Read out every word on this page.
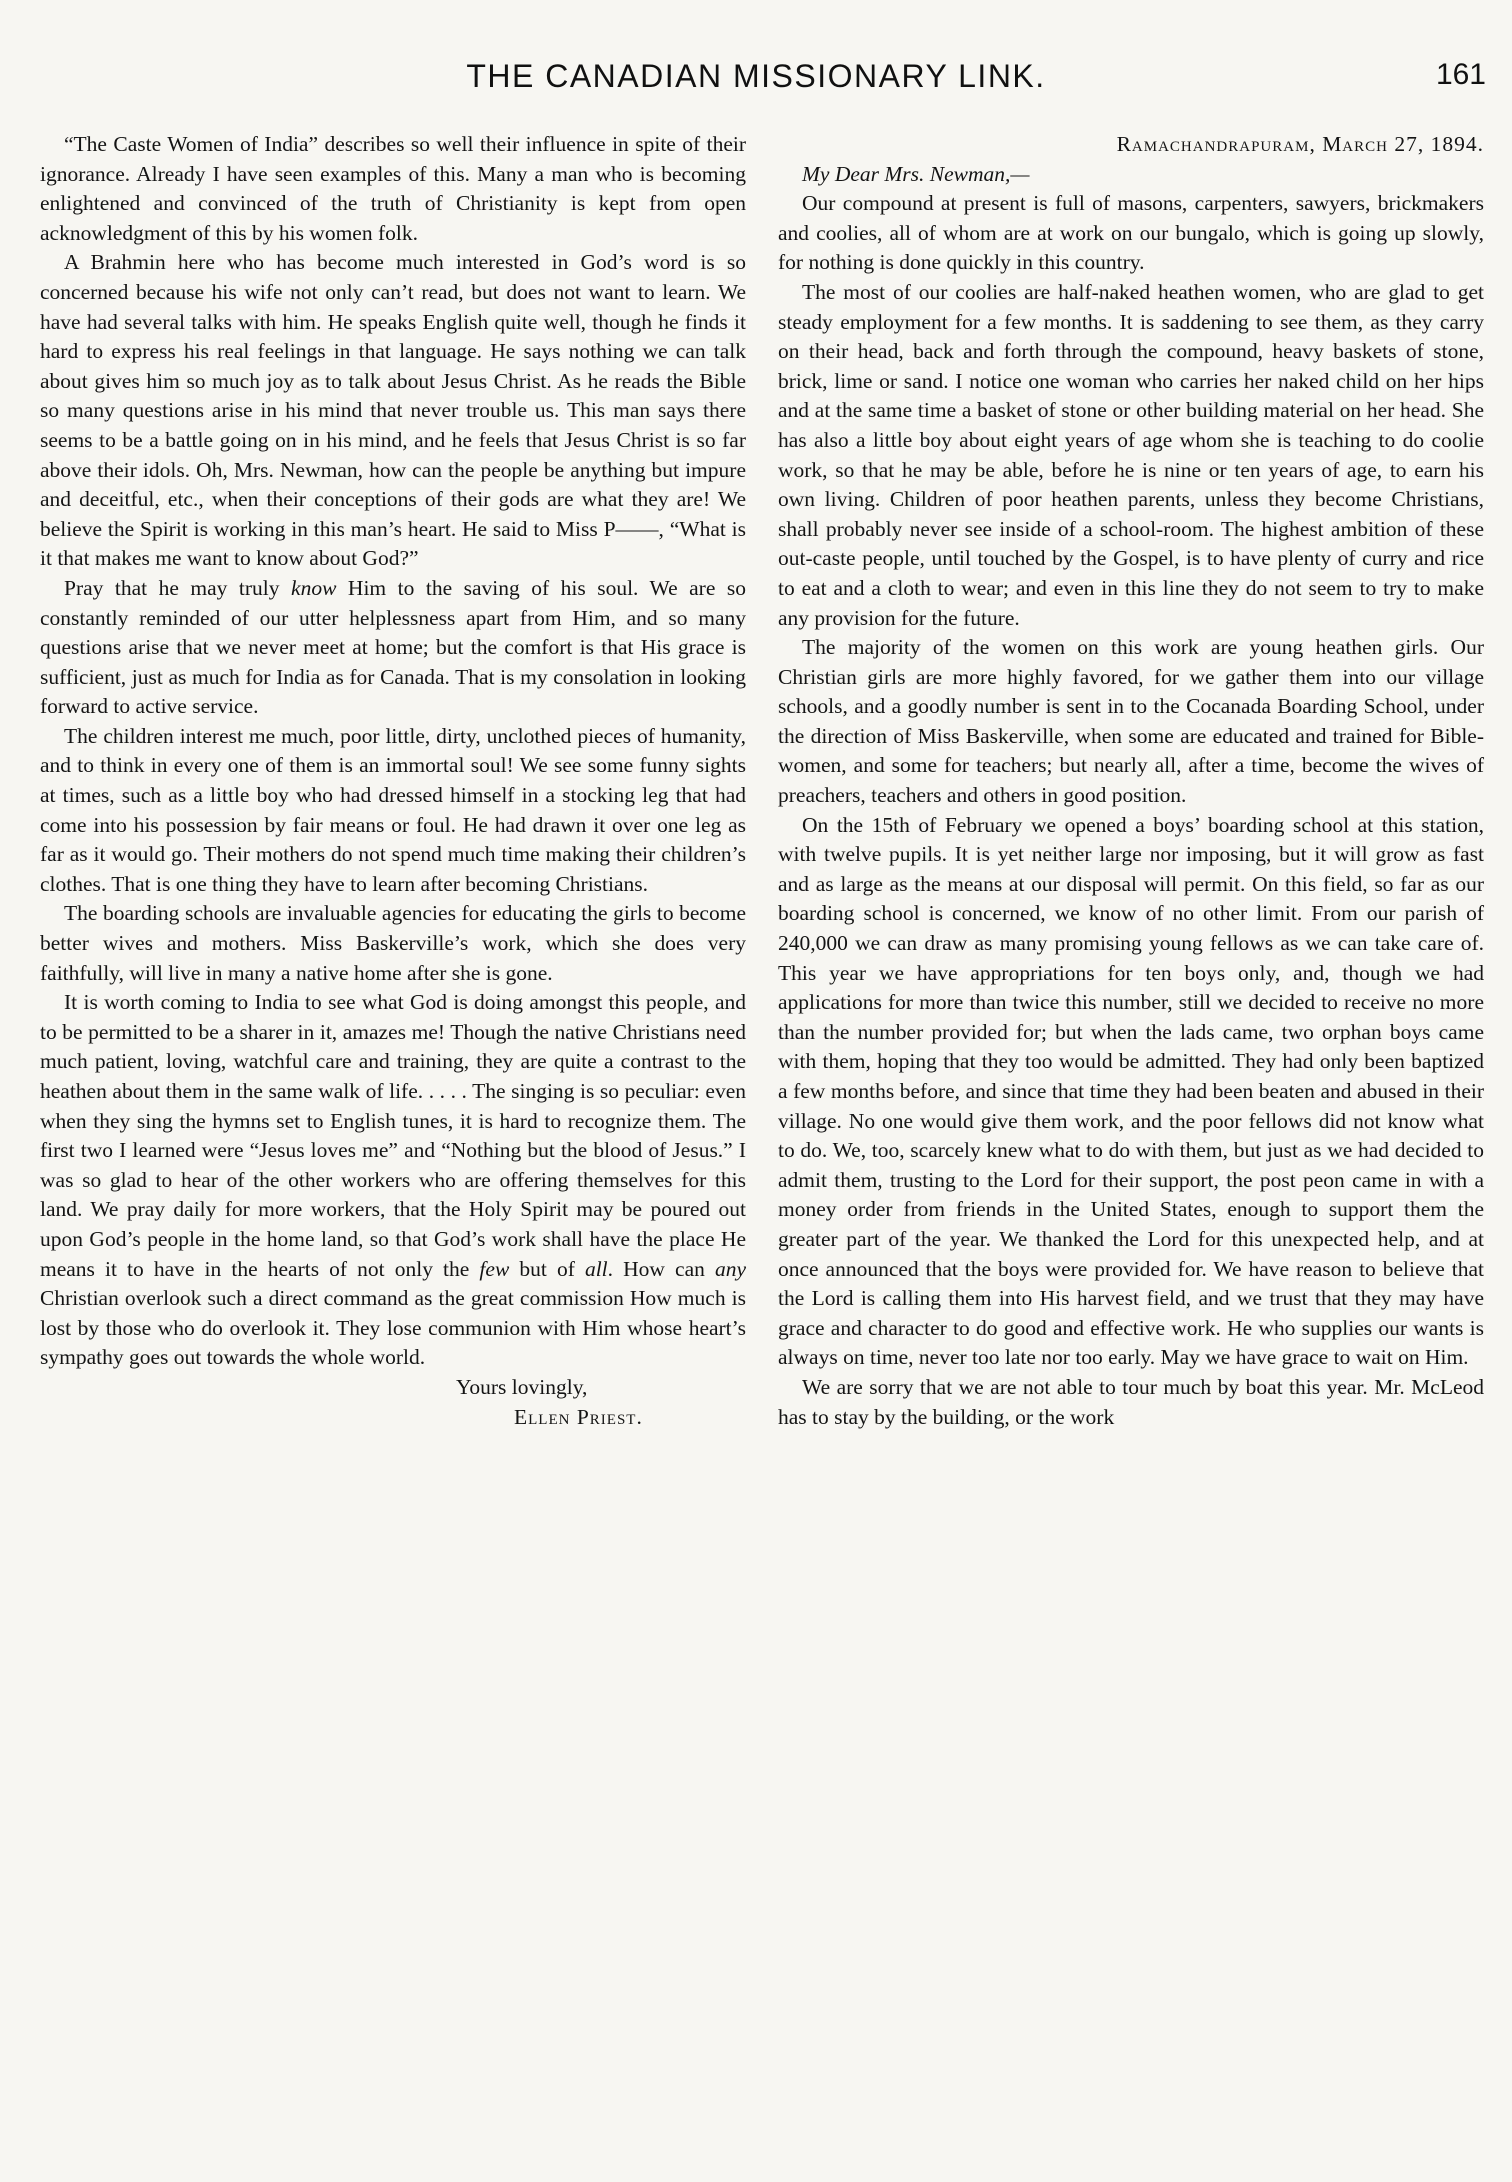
THE CANADIAN MISSIONARY LINK.	161

“The Caste Women of India” describes so well their influence in spite of their ignorance. Already I have seen examples of this. Many a man who is becoming enlightened and convinced of the truth of Christianity is kept from open acknowledgment of this by his women folk.

A Brahmin here who has become much interested in God’s word is so concerned because his wife not only can’t read, but does not want to learn. We have had several talks with him. He speaks English quite well, though he finds it hard to express his real feelings in that language. He says nothing we can talk about gives him so much joy as to talk about Jesus Christ. As he reads the Bible so many questions arise in his mind that never trouble us. This man says there seems to be a battle going on in his mind, and he feels that Jesus Christ is so far above their idols. Oh, Mrs. Newman, how can the people be anything but impure and deceitful, etc., when their conceptions of their gods are what they are! We believe the Spirit is working in this man’s heart. He said to Miss P——, “What is it that makes me want to know about God?”

Pray that he may truly know Him to the saving of his soul. We are so constantly reminded of our utter helplessness apart from Him, and so many questions arise that we never meet at home; but the comfort is that His grace is sufficient, just as much for India as for Canada. That is my consolation in looking forward to active service.

The children interest me much, poor little, dirty, unclothed pieces of humanity, and to think in every one of them is an immortal soul! We see some funny sights at times, such as a little boy who had dressed himself in a stocking leg that had come into his possession by fair means or foul. He had drawn it over one leg as far as it would go. Their mothers do not spend much time making their children’s clothes. That is one thing they have to learn after becoming Christians.

The boarding schools are invaluable agencies for educating the girls to become better wives and mothers. Miss Baskerville’s work, which she does very faithfully, will live in many a native home after she is gone.

It is worth coming to India to see what God is doing amongst this people, and to be permitted to be a sharer in it, amazes me! Though the native Christians need much patient, loving, watchful care and training, they are quite a contrast to the heathen about them in the same walk of life. . . . . The singing is so peculiar: even when they sing the hymns set to English tunes, it is hard to recognize them. The first two I learned were “Jesus loves me” and “Nothing but the blood of Jesus.” I was so glad to hear of the other workers who are offering themselves for this land. We pray daily for more workers, that the Holy Spirit may be poured out upon God’s people in the home land, so that God’s work shall have the place He means it to have in the hearts of not only the few but of all. How can any Christian overlook such a direct command as the great commission How much is lost by those who do overlook it. They lose communion with Him whose heart’s sympathy goes out towards the whole world.

Yours lovingly,
Ellen Priest.

Ramachandrapuram, March 27, 1894.

My Dear Mrs. Newman,—

Our compound at present is full of masons, carpenters, sawyers, brickmakers and coolies, all of whom are at work on our bungalo, which is going up slowly, for nothing is done quickly in this country.

The most of our coolies are half-naked heathen women, who are glad to get steady employment for a few months. It is saddening to see them, as they carry on their head, back and forth through the compound, heavy baskets of stone, brick, lime or sand. I notice one woman who carries her naked child on her hips and at the same time a basket of stone or other building material on her head. She has also a little boy about eight years of age whom she is teaching to do coolie work, so that he may be able, before he is nine or ten years of age, to earn his own living. Children of poor heathen parents, unless they become Christians, shall probably never see inside of a school-room. The highest ambition of these out-caste people, until touched by the Gospel, is to have plenty of curry and rice to eat and a cloth to wear; and even in this line they do not seem to try to make any provision for the future.

The majority of the women on this work are young heathen girls. Our Christian girls are more highly favored, for we gather them into our village schools, and a goodly number is sent in to the Cocanada Boarding School, under the direction of Miss Baskerville, when some are educated and trained for Bible-women, and some for teachers; but nearly all, after a time, become the wives of preachers, teachers and others in good position.

On the 15th of February we opened a boys’ boarding school at this station, with twelve pupils. It is yet neither large nor imposing, but it will grow as fast and as large as the means at our disposal will permit. On this field, so far as our boarding school is concerned, we know of no other limit. From our parish of 240,000 we can draw as many promising young fellows as we can take care of. This year we have appropriations for ten boys only, and, though we had applications for more than twice this number, still we decided to receive no more than the number provided for; but when the lads came, two orphan boys came with them, hoping that they too would be admitted. They had only been baptized a few months before, and since that time they had been beaten and abused in their village. No one would give them work, and the poor fellows did not know what to do. We, too, scarcely knew what to do with them, but just as we had decided to admit them, trusting to the Lord for their support, the post peon came in with a money order from friends in the United States, enough to support them the greater part of the year. We thanked the Lord for this unexpected help, and at once announced that the boys were provided for. We have reason to believe that the Lord is calling them into His harvest field, and we trust that they may have grace and character to do good and effective work. He who supplies our wants is always on time, never too late nor too early. May we have grace to wait on Him.

We are sorry that we are not able to tour much by boat this year. Mr. McLeod has to stay by the building, or the work
